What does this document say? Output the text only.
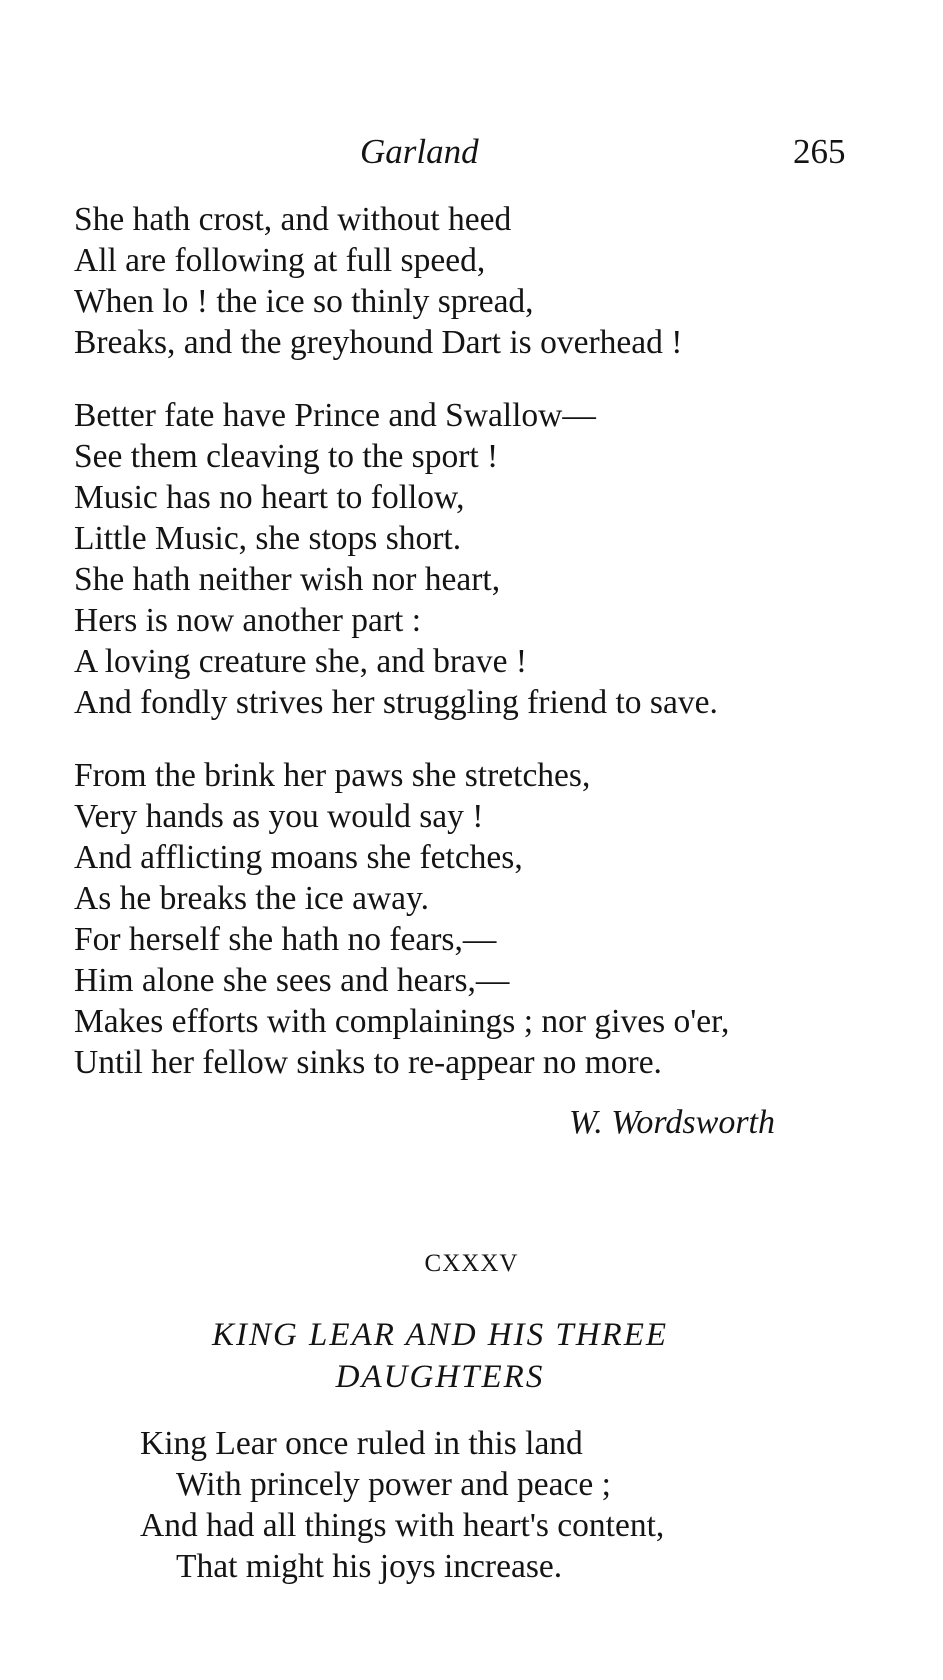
Garland	265
She hath crost, and without heed
All are following at full speed,
When lo ! the ice so thinly spread,
Breaks, and the greyhound Dart is overhead !
Better fate have Prince and Swallow—
See them cleaving to the sport !
Music has no heart to follow,
Little Music, she stops short.
She hath neither wish nor heart,
Hers is now another part :
A loving creature she, and brave !
And fondly strives her struggling friend to save.
From the brink her paws she stretches,
Very hands as you would say !
And afflicting moans she fetches,
As he breaks the ice away.
For herself she hath no fears,—
Him alone she sees and hears,—
Makes efforts with complainings ; nor gives o'er,
Until her fellow sinks to re-appear no more.
W. Wordsworth
CXXXV
KING LEAR AND HIS THREE
DAUGHTERS
King Lear once ruled in this land
With princely power and peace ;
And had all things with heart's content,
That might his joys increase.
